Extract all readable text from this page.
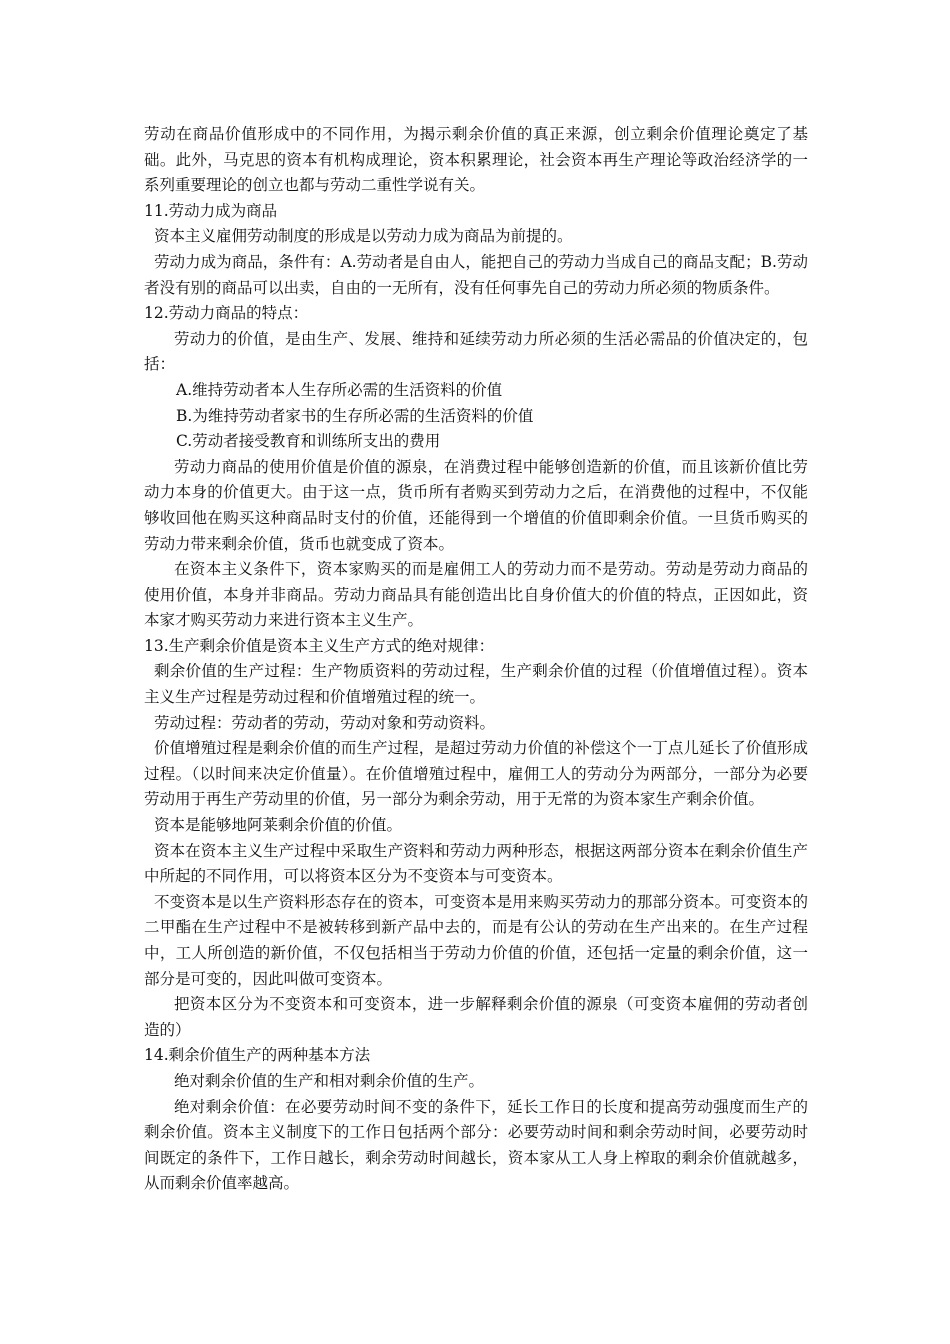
劳动在商品价值形成中的不同作用，为揭示剩余价值的真正来源，创立剩余价值理论奠定了基础。此外，马克思的资本有机构成理论，资本积累理论，社会资本再生产理论等政治经济学的一系列重要理论的创立也都与劳动二重性学说有关。

11.劳动力成为商品

资本主义雇佣劳动制度的形成是以劳动力成为商品为前提的。

劳动力成为商品，条件有：A.劳动者是自由人，能把自己的劳动力当成自己的商品支配；B.劳动者没有别的商品可以出卖，自由的一无所有，没有任何事先自己的劳动力所必须的物质条件。

12.劳动力商品的特点：

劳动力的价值，是由生产、发展、维持和延续劳动力所必须的生活必需品的价值决定的，包括：

A.维持劳动者本人生存所必需的生活资料的价值

B.为维持劳动者家书的生存所必需的生活资料的价值

C.劳动者接受教育和训练所支出的费用

劳动力商品的使用价值是价值的源泉，在消费过程中能够创造新的价值，而且该新价值比劳动力本身的价值更大。由于这一点，货币所有者购买到劳动力之后，在消费他的过程中，不仅能够收回他在购买这种商品时支付的价值，还能得到一个增值的价值即剩余价值。一旦货币购买的劳动力带来剩余价值，货币也就变成了资本。

在资本主义条件下，资本家购买的而是雇佣工人的劳动力而不是劳动。劳动是劳动力商品的使用价值，本身并非商品。劳动力商品具有能创造出比自身价值大的价值的特点，正因如此，资本家才购买劳动力来进行资本主义生产。

13.生产剩余价值是资本主义生产方式的绝对规律：

剩余价值的生产过程：生产物质资料的劳动过程，生产剩余价值的过程（价值增值过程）。资本主义生产过程是劳动过程和价值增殖过程的统一。

劳动过程：劳动者的劳动，劳动对象和劳动资料。

价值增殖过程是剩余价值的而生产过程，是超过劳动力价值的补偿这个一丁点儿延长了价值形成过程。（以时间来决定价值量）。在价值增殖过程中，雇佣工人的劳动分为两部分，一部分为必要劳动用于再生产劳动里的价值，另一部分为剩余劳动，用于无常的为资本家生产剩余价值。

资本是能够地阿莱剩余价值的价值。

资本在资本主义生产过程中采取生产资料和劳动力两种形态，根据这两部分资本在剩余价值生产中所起的不同作用，可以将资本区分为不变资本与可变资本。

不变资本是以生产资料形态存在的资本，可变资本是用来购买劳动力的那部分资本。可变资本的二甲酯在生产过程中不是被转移到新产品中去的，而是有公认的劳动在生产出来的。在生产过程中，工人所创造的新价值，不仅包括相当于劳动力价值的价值，还包括一定量的剩余价值，这一部分是可变的，因此叫做可变资本。

把资本区分为不变资本和可变资本，进一步解释剩余价值的源泉（可变资本雇佣的劳动者创造的）

14.剩余价值生产的两种基本方法

绝对剩余价值的生产和相对剩余价值的生产。

绝对剩余价值：在必要劳动时间不变的条件下，延长工作日的长度和提高劳动强度而生产的剩余价值。资本主义制度下的工作日包括两个部分：必要劳动时间和剩余劳动时间，必要劳动时间既定的条件下，工作日越长，剩余劳动时间越长，资本家从工人身上榨取的剩余价值就越多，从而剩余价值率越高。
